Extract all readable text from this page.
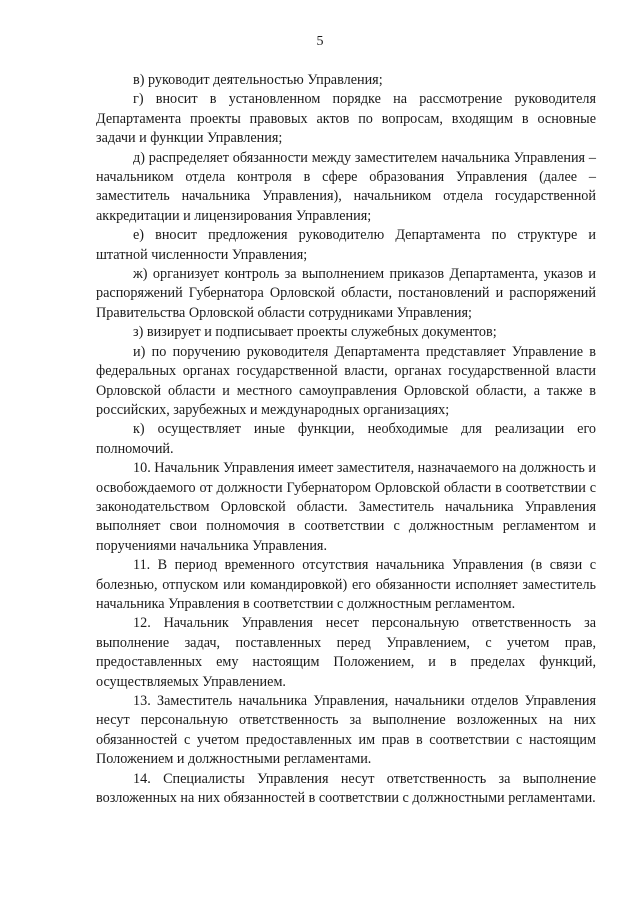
5

в) руководит деятельностью Управления;

г) вносит в установленном порядке на рассмотрение руководителя Департамента проекты правовых актов по вопросам, входящим в основные задачи и функции Управления;

д) распределяет обязанности между заместителем начальника Управления – начальником отдела контроля в сфере образования Управления (далее – заместитель начальника Управления), начальником отдела государственной аккредитации и лицензирования Управления;

е) вносит предложения руководителю Департамента по структуре и штатной численности Управления;

ж) организует контроль за выполнением приказов Департамента, указов и распоряжений Губернатора Орловской области, постановлений и распоряжений Правительства Орловской области сотрудниками Управления;

з) визирует и подписывает проекты служебных документов;

и) по поручению руководителя Департамента представляет Управление в федеральных органах государственной власти, органах государственной власти Орловской области и местного самоуправления Орловской области, а также в российских, зарубежных и международных организациях;

к) осуществляет иные функции, необходимые для реализации его полномочий.

10. Начальник Управления имеет заместителя, назначаемого на должность и освобождаемого от должности Губернатором Орловской области в соответствии с законодательством Орловской области. Заместитель начальника Управления выполняет свои полномочия в соответствии с должностным регламентом и поручениями начальника Управления.

11. В период временного отсутствия начальника Управления (в связи с болезнью, отпуском или командировкой) его обязанности исполняет заместитель начальника Управления в соответствии с должностным регламентом.

12. Начальник Управления несет персональную ответственность за выполнение задач, поставленных перед Управлением, с учетом прав, предоставленных ему настоящим Положением, и в пределах функций, осуществляемых Управлением.

13. Заместитель начальника Управления, начальники отделов Управления несут персональную ответственность за выполнение возложенных на них обязанностей с учетом предоставленных им прав в соответствии с настоящим Положением и должностными регламентами.

14. Специалисты Управления несут ответственность за выполнение возложенных на них обязанностей в соответствии с должностными регламентами.
